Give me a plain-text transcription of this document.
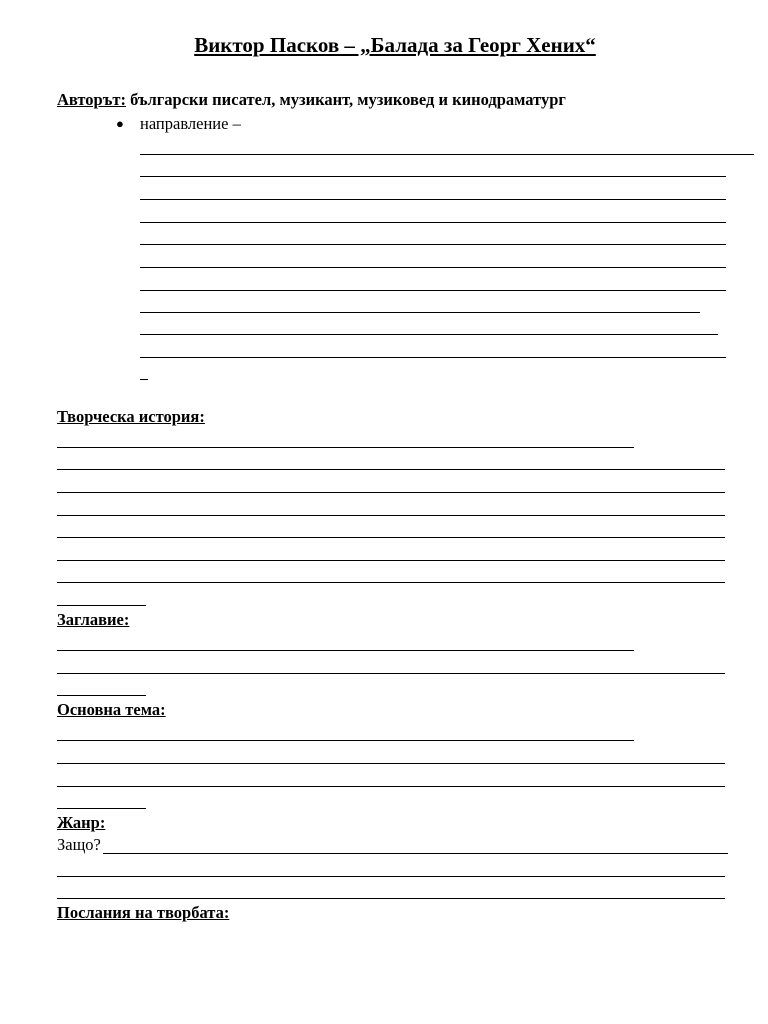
Виктор Пасков – „Балада за Георг Хених“
Авторът: български писател, музикант, музиковед и кинодраматург
● направление –
Творческа история:
Заглавие:
Основна тема:
Жанр:
Защо?
Послания на творбата:
